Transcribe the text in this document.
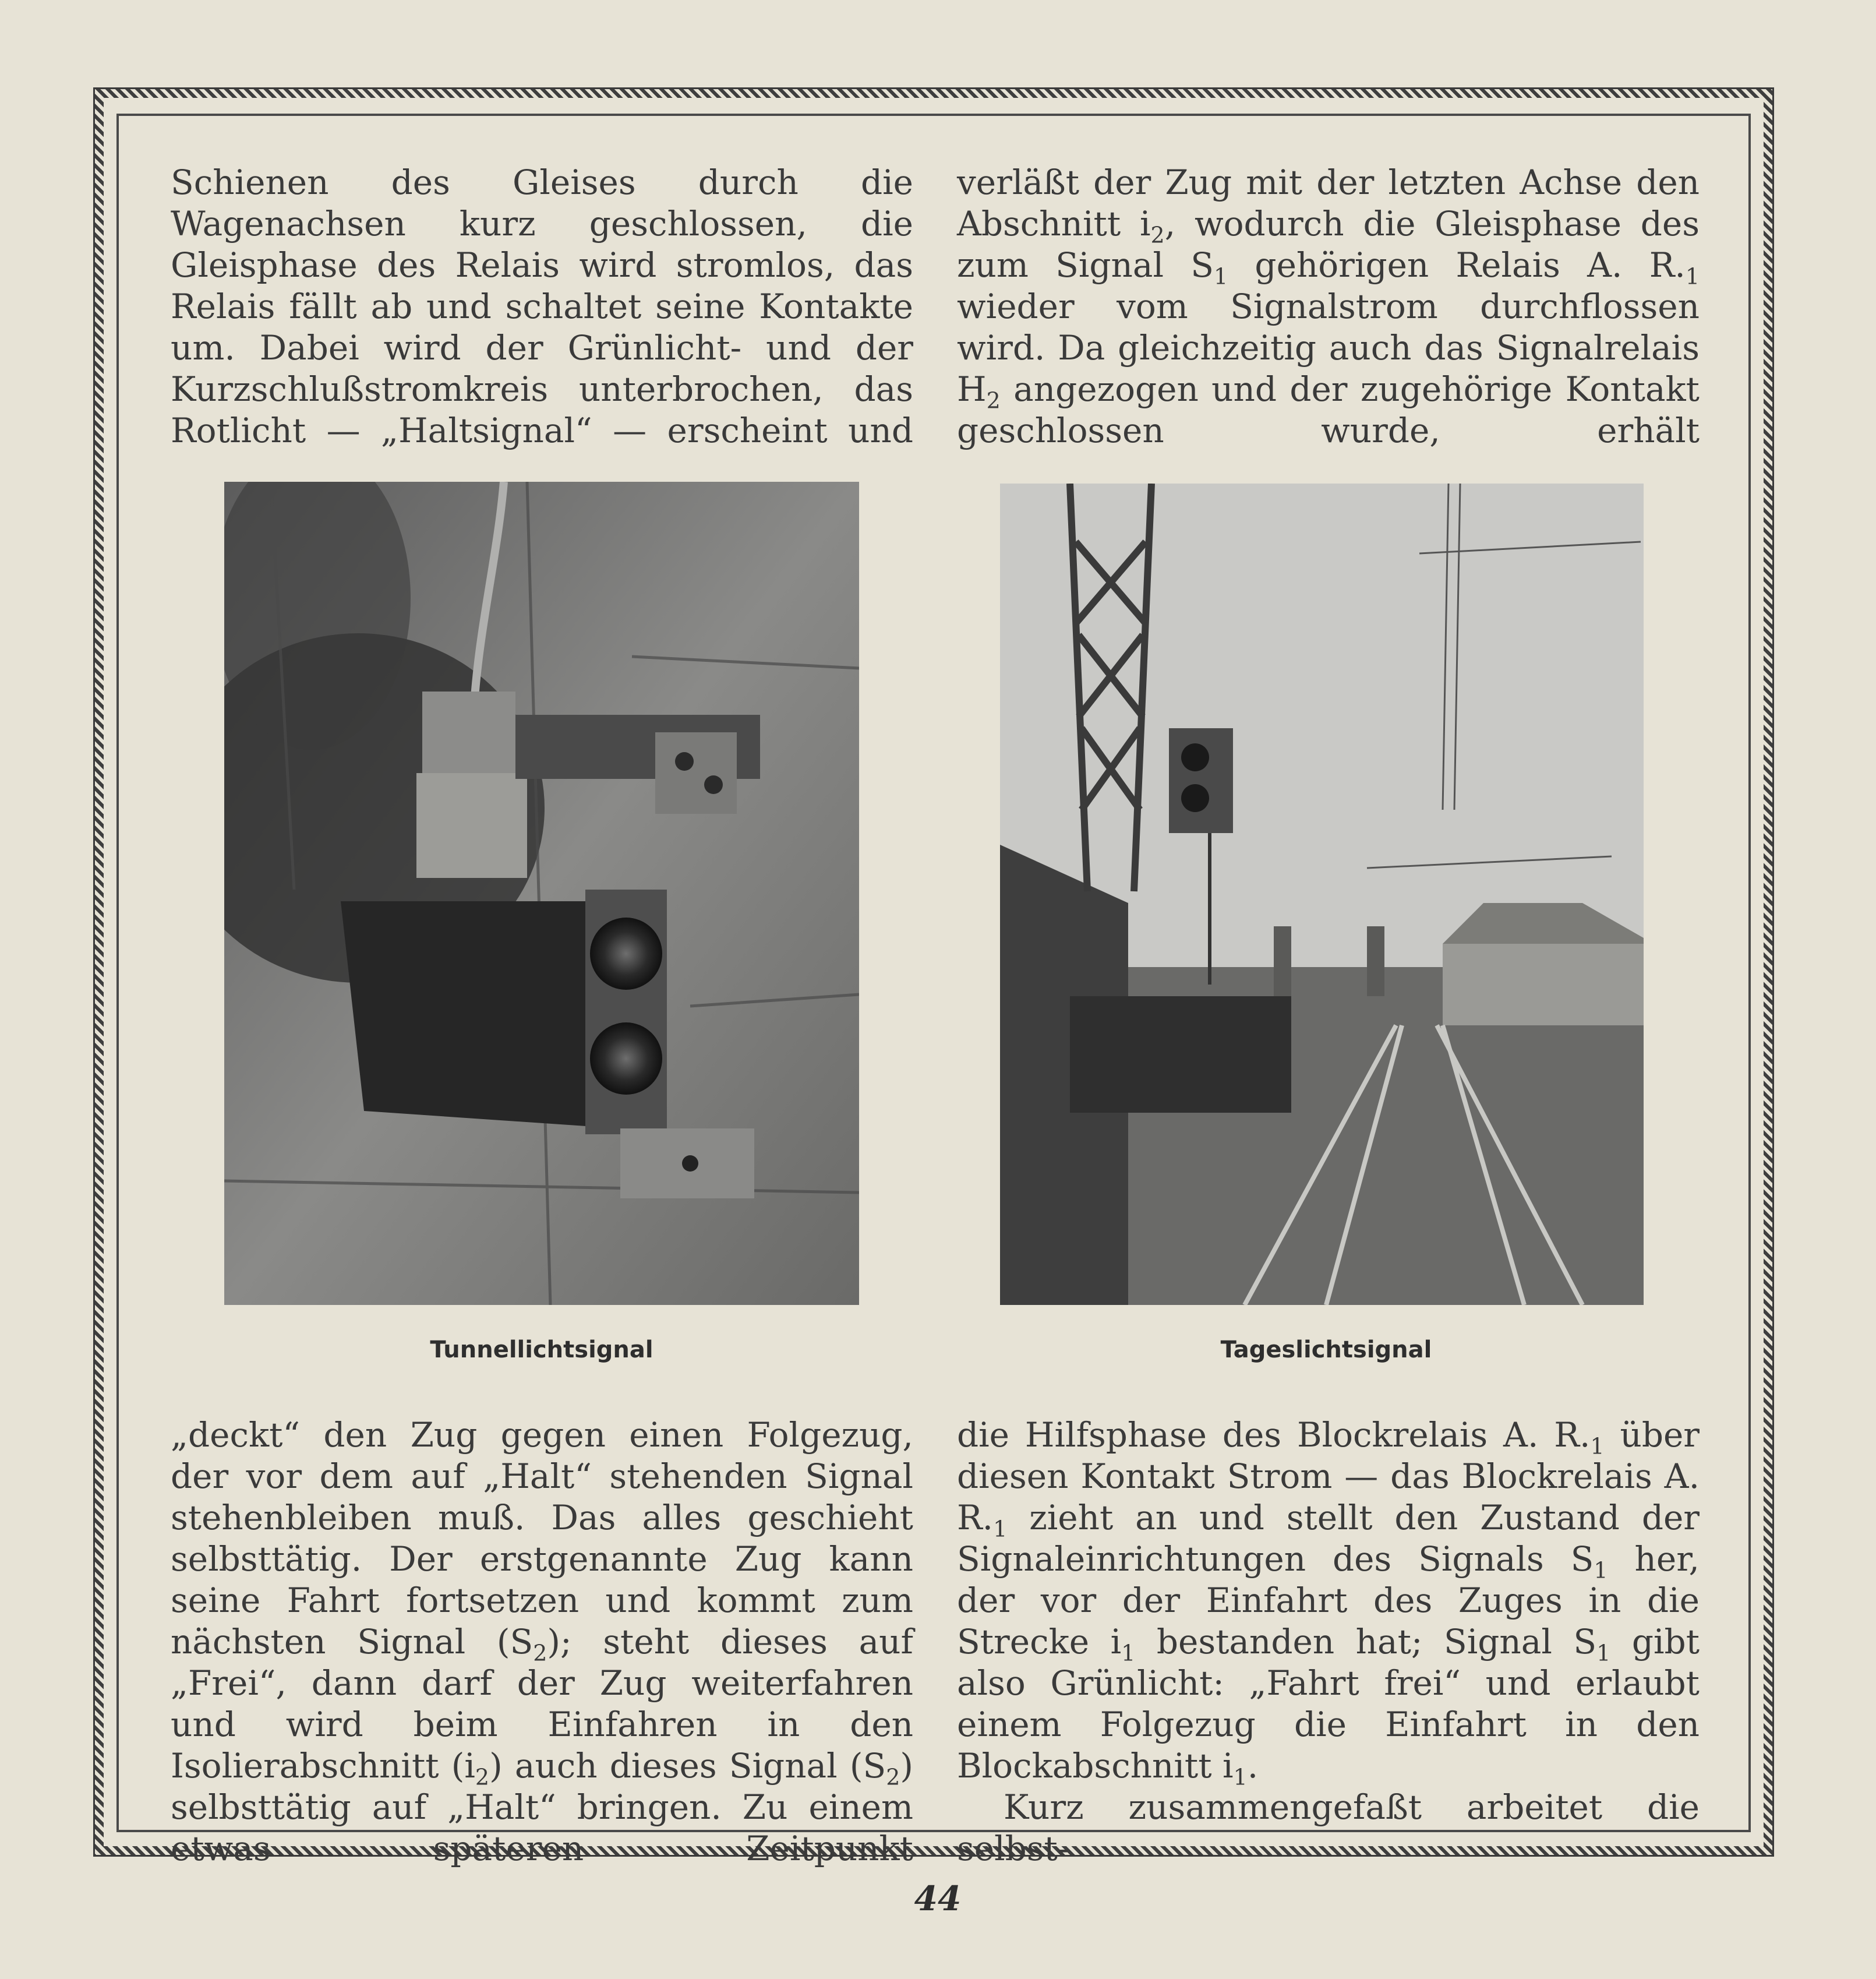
Schienen des Gleises durch die Wagenachsen kurz geschlossen, die Gleisphase des Relais wird stromlos, das Relais fällt ab und schaltet seine Kontakte um. Dabei wird der Grünlicht- und der Kurzschlußstromkreis unterbrochen, das Rotlicht — „Haltsignal“ — erscheint und

verläßt der Zug mit der letzten Achse den Abschnitt $i_2$, wodurch die Gleisphase des zum Signal $S_1$ gehörigen Relais A. $R._1$ wieder vom Signalstrom durchflossen wird. Da gleichzeitig auch das Signalrelais $H_2$ angezogen und der zugehörige Kontakt geschlossen wurde, erhält

Tunnellichtsignal	Tageslichtsignal

„deckt“ den Zug gegen einen Folgezug, der vor dem auf „Halt“ stehenden Signal stehenbleiben muß. Das alles geschieht selbsttätig. Der erstgenannte Zug kann seine Fahrt fortsetzen und kommt zum nächsten Signal $(S_2)$; steht dieses auf „Frei“, dann darf der Zug weiterfahren und wird beim Einfahren in den Isolierabschnitt $(i_2)$ auch dieses Signal $(S_2)$ selbsttätig auf „Halt“ bringen. Zu einem etwas späteren Zeitpunkt

die Hilfsphase des Blockrelais A. $R._1$ über diesen Kontakt Strom — das Blockrelais A. $R._1$ zieht an und stellt den Zustand der Signaleinrichtungen des Signals $S_1$ her, der vor der Einfahrt des Zuges in die Strecke $i_1$ bestanden hat; Signal $S_1$ gibt also Grünlicht: „Fahrt frei“ und erlaubt einem Folgezug die Einfahrt in den Blockabschnitt $i_1$.

Kurz zusammengefaßt arbeitet die selbst-

44
